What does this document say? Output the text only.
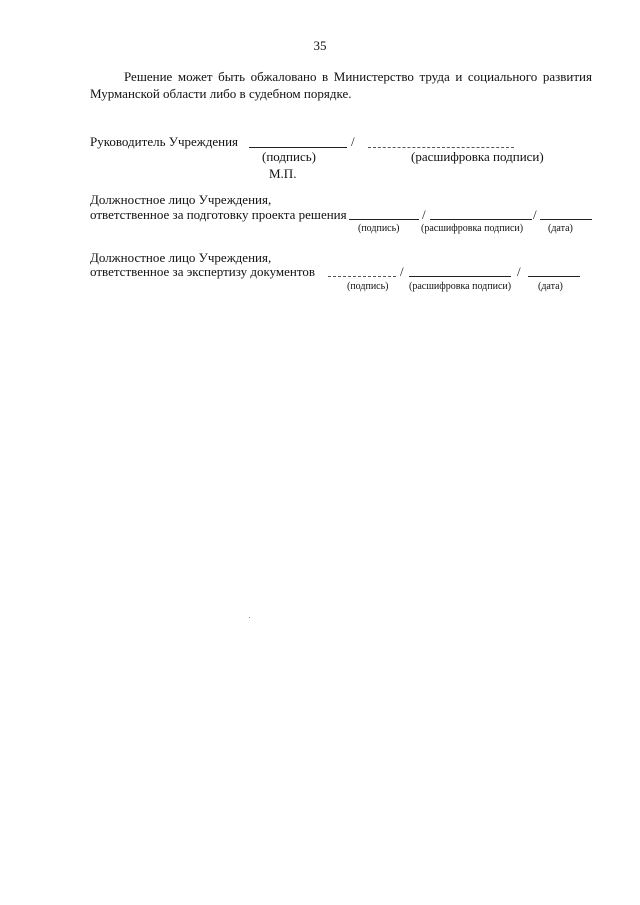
35
Решение может быть обжаловано в Министерство труда и социального развития
Мурманской области либо в судебном порядке.
Руководитель Учреждения	/
(подпись)	(расшифровка подписи)
М.П.
Должностное лицо Учреждения,
ответственное за подготовку проекта решения	/	/
(подпись) (расшифровка подписи) (дата)
Должностное лицо Учреждения,
ответственное за экспертизу документов	/	/
(подпись) (расшифровка подписи)	(дата)
